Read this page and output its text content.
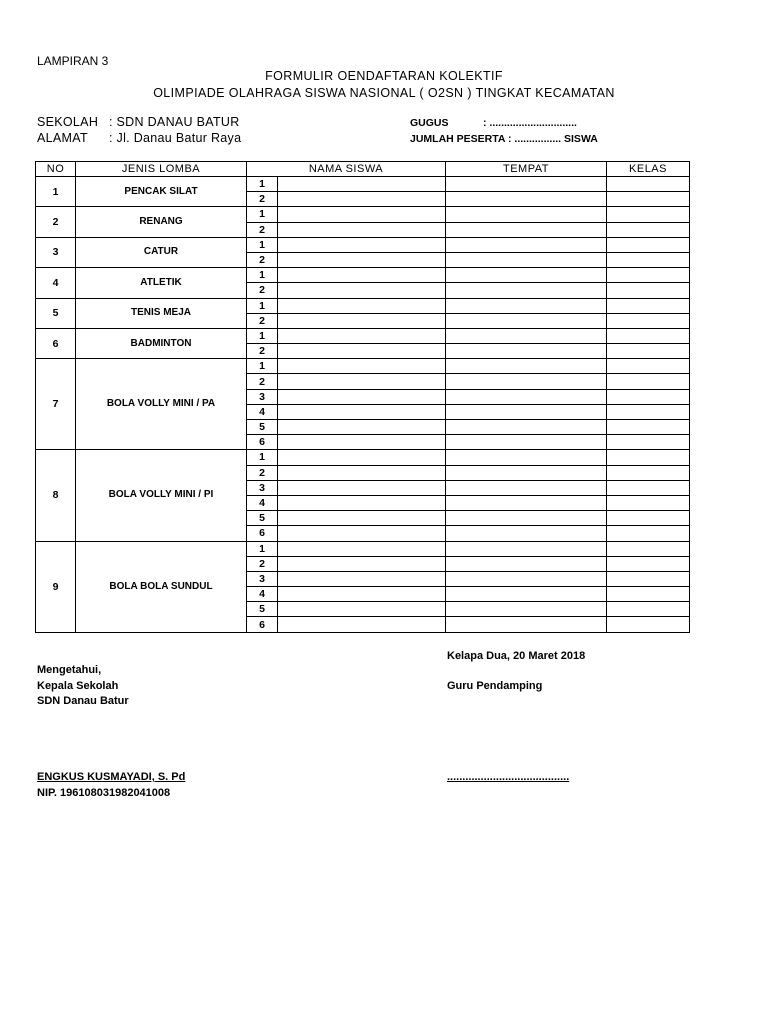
LAMPIRAN 3
FORMULIR OENDAFTARAN KOLEKTIF
OLIMPIADE OLAHRAGA SISWA NASIONAL ( O2SN ) TINGKAT KECAMATAN
SEKOLAH : SDN DANAU BATUR
ALAMAT : Jl. Danau Batur Raya
GUGUS	: ..............................
JUMLAH PESERTA : ................ SISWA
NO	JENIS LOMBA	NAMA SISWA		TEMPAT	KELAS
1	PENCAK SILAT	1			
		2			
2	RENANG	1			
		2			
3	CATUR	1			
		2			
4	ATLETIK	1			
		2			
5	TENIS MEJA	1			
		2			
6	BADMINTON	1			
		2			
7	BOLA VOLLY MINI / PA	1			
		2			
		3			
		4			
		5			
		6			
8	BOLA VOLLY MINI / PI	1			
		2			
		3			
		4			
		5			
		6			
9	BOLA BOLA SUNDUL	1			
		2			
		3			
		4			
		5			
		6			
Kelapa Dua, 20 Maret 2018
Mengetahui,
Kepala Sekolah	Guru Pendamping
SDN Danau Batur
ENGKUS KUSMAYADI, S. Pd	........................................
NIP. 196108031982041008
